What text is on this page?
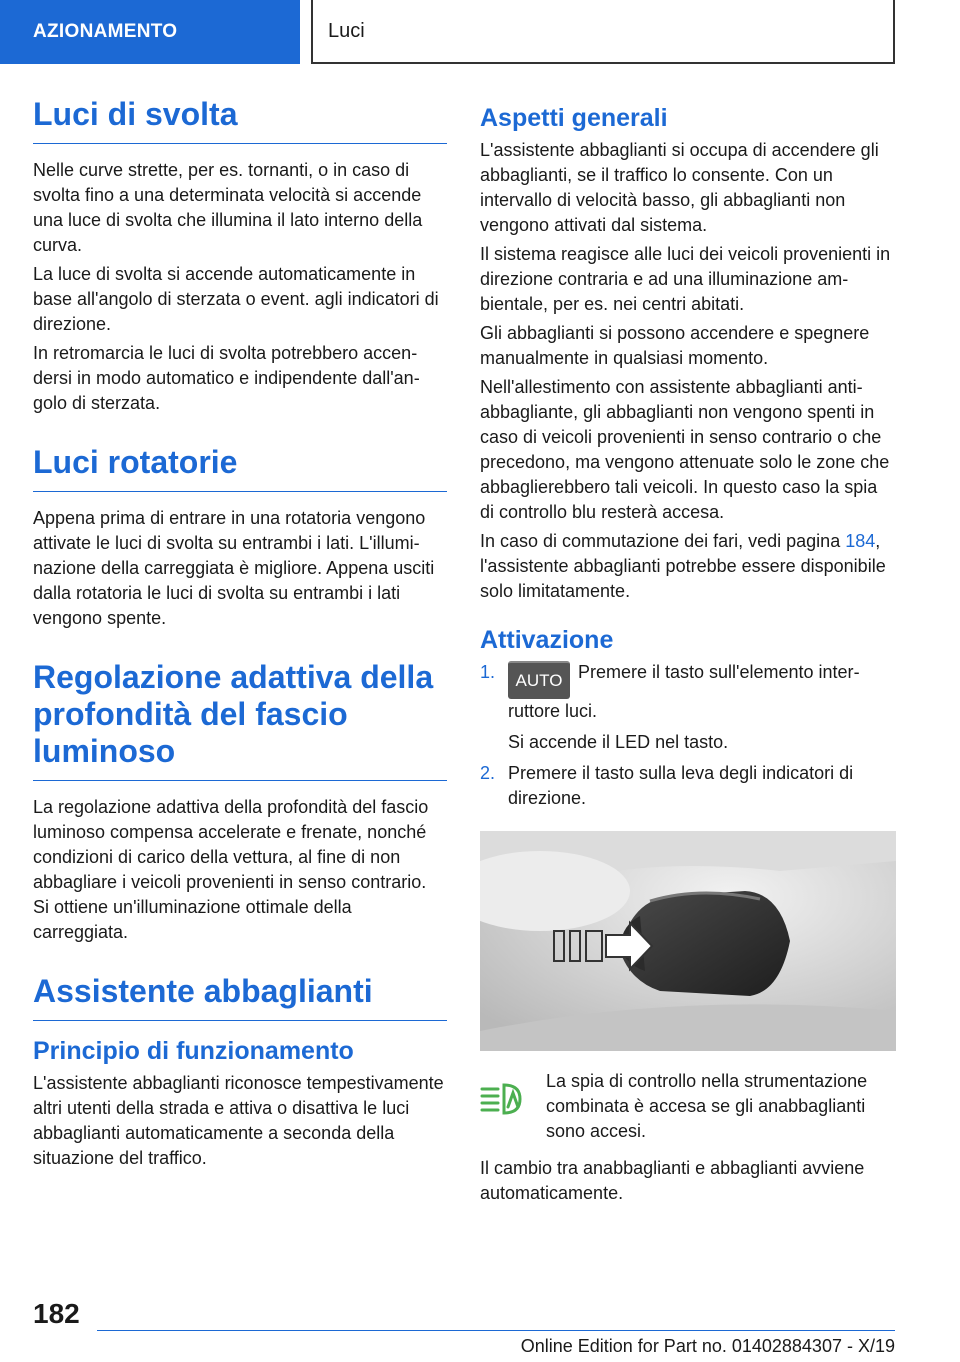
AZIONAMENTO	Luci
Luci di svolta

Nelle curve strette, per es. tornanti, o in caso di svolta fino a una determinata velocità si accende una luce di svolta che illumina il lato interno della curva.

La luce di svolta si accende automaticamente in base all'angolo di sterzata o event. agli indicatori di direzione.

In retromarcia le luci di svolta potrebbero accendersi in modo automatico e indipendente dall'angolo di sterzata.

Luci rotatorie

Appena prima di entrare in una rotatoria vengono attivate le luci di svolta su entrambi i lati. L'illuminazione della carreggiata è migliore. Appena usciti dalla rotatoria le luci di svolta su entrambi i lati vengono spente.

Regolazione adattiva della profondità del fascio luminoso

La regolazione adattiva della profondità del fascio luminoso compensa accelerate e frenate, nonché condizioni di carico della vettura, al fine di non abbagliare i veicoli provenienti in senso contrario. Si ottiene un'illuminazione ottimale della carreggiata.

Assistente abbaglianti
Principio di funzionamento

L'assistente abbaglianti riconosce tempestivamente altri utenti della strada e attiva o disattiva le luci abbaglianti automaticamente a seconda della situazione del traffico.

Aspetti generali

L'assistente abbaglianti si occupa di accendere gli abbaglianti, se il traffico lo consente. Con un intervallo di velocità basso, gli abbaglianti non vengono attivati dal sistema.

Il sistema reagisce alle luci dei veicoli provenienti in direzione contraria e ad una illuminazione ambientale, per es. nei centri abitati.

Gli abbaglianti si possono accendere e spegnere manualmente in qualsiasi momento.

Nell'allestimento con assistente abbaglianti antiabbagliante, gli abbaglianti non vengono spenti in caso di veicoli provenienti in senso contrario o che precedono, ma vengono attenuate solo le zone che abbaglierebbero tali veicoli. In questo caso la spia di controllo blu resterà accesa.

In caso di commutazione dei fari, vedi pagina 184, l'assistente abbaglianti potrebbe essere disponibile solo limitatamente.

Attivazione
1. AUTO Premere il tasto sull'elemento interruttore luci.
Si accende il LED nel tasto.
2. Premere il tasto sulla leva degli indicatori di direzione.

La spia di controllo nella strumentazione combinata è accesa se gli anabbaglianti sono accesi.

Il cambio tra anabbaglianti e abbaglianti avviene automaticamente.

182
Online Edition for Part no. 01402884307 - X/19
